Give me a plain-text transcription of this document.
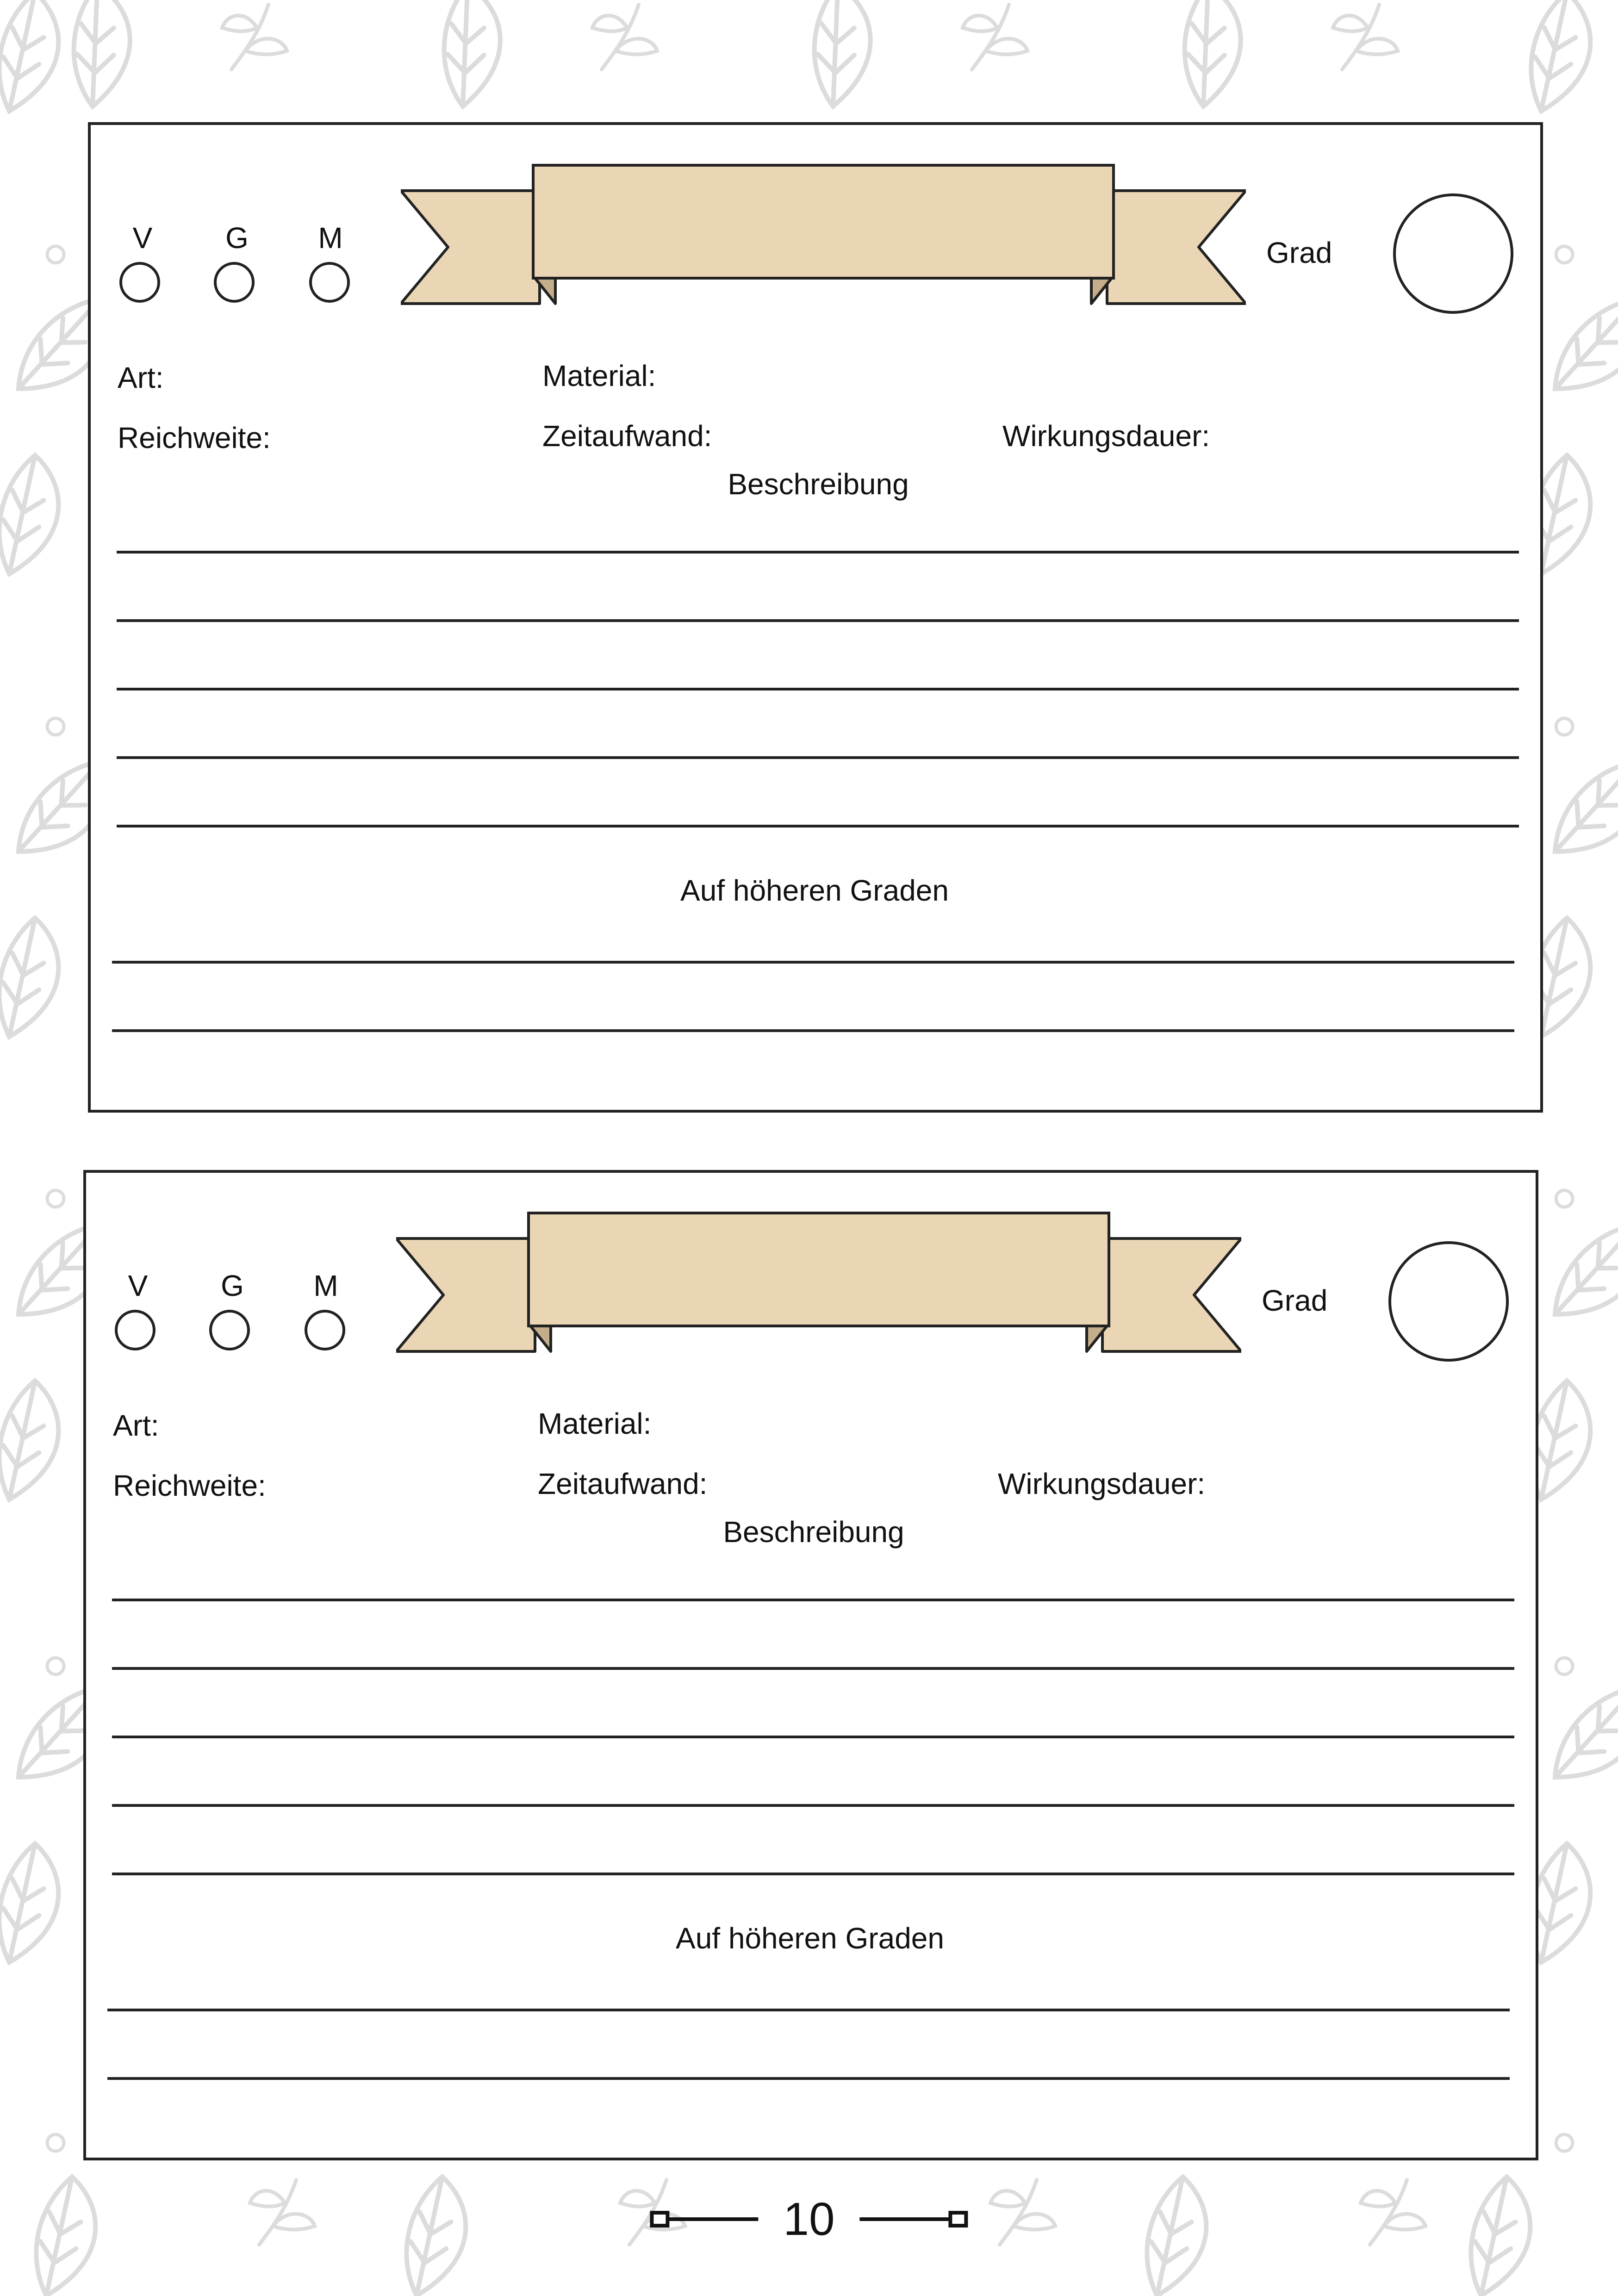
V G M	Grad
Art:	Material:
Reichweite:	Zeitaufwand:	Wirkungsdauer:
Beschreibung
Auf höheren Graden
V G M	Grad
Art:	Material:
Reichweite:	Zeitaufwand:	Wirkungsdauer:
Beschreibung
Auf höheren Graden
10
